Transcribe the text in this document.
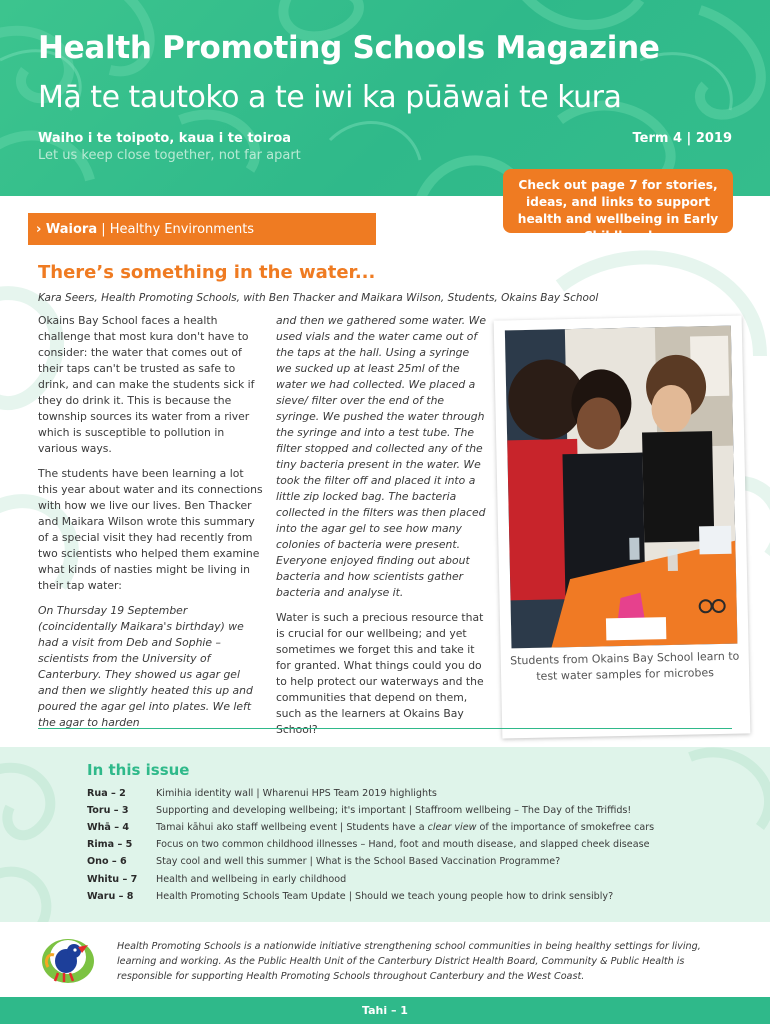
Health Promoting Schools Magazine
Mā te tautoko a te iwi ka pūāwai te kura
Waiho i te toipoto, kaua i te toiroa
Let us keep close together, not far apart
Term 4 | 2019
Check out page 7 for stories, ideas, and links to support health and wellbeing in Early Childhood
› Waiora | Healthy Environments
There’s something in the water...
Kara Seers, Health Promoting Schools, with Ben Thacker and Maikara Wilson, Students, Okains Bay School

Okains Bay School faces a health challenge that most kura don't have to consider: the water that comes out of their taps can't be trusted as safe to drink, and can make the students sick if they do drink it. This is because the township sources its water from a river which is susceptible to pollution in various ways.

The students have been learning a lot this year about water and its connections with how we live our lives. Ben Thacker and Maikara Wilson wrote this summary of a special visit they had recently from two scientists who helped them examine what kinds of nasties might be living in their tap water:

On Thursday 19 September (coincidentally Maikara's birthday) we had a visit from Deb and Sophie – scientists from the University of Canterbury. They showed us agar gel and then we slightly heated this up and poured the agar gel into plates. We left the agar to harden

and then we gathered some water. We used vials and the water came out of the taps at the hall. Using a syringe we sucked up at least 25ml of the water we had collected. We placed a sieve/ filter over the end of the syringe. We pushed the water through the syringe and into a test tube. The filter stopped and collected any of the tiny bacteria present in the water. We took the filter off and placed it into a little zip locked bag. The bacteria collected in the filters was then placed into the agar gel to see how many colonies of bacteria were present. Everyone enjoyed finding out about bacteria and how scientists gather bacteria and analyse it.

Water is such a precious resource that is crucial for our wellbeing; and yet sometimes we forget this and take it for granted. What things could you do to help protect our waterways and the communities that depend on them, such as the learners at Okains Bay School?

Students from Okains Bay School learn to test water samples for microbes
In this issue
Rua – 2	Kimihia identity wall | Wharenui HPS Team 2019 highlights
Toru – 3	Supporting and developing wellbeing; it's important | Staffroom wellbeing – The Day of the Triffids!
Whā – 4	Tamai kāhui ako staff wellbeing event | Students have a clear view of the importance of smokefree cars
Rima – 5 Focus on two common childhood illnesses – Hand, foot and mouth disease, and slapped cheek disease
Ono – 6	Stay cool and well this summer | What is the School Based Vaccination Programme?
Whitu – 7 Health and wellbeing in early childhood
Waru – 8 Health Promoting Schools Team Update | Should we teach young people how to drink sensibly?
Health Promoting Schools is a nationwide initiative strengthening school communities in being healthy settings for living, learning and working. As the Public Health Unit of the Canterbury District Health Board, Community & Public Health is responsible for supporting Health Promoting Schools throughout Canterbury and the West Coast.
Tahi – 1
